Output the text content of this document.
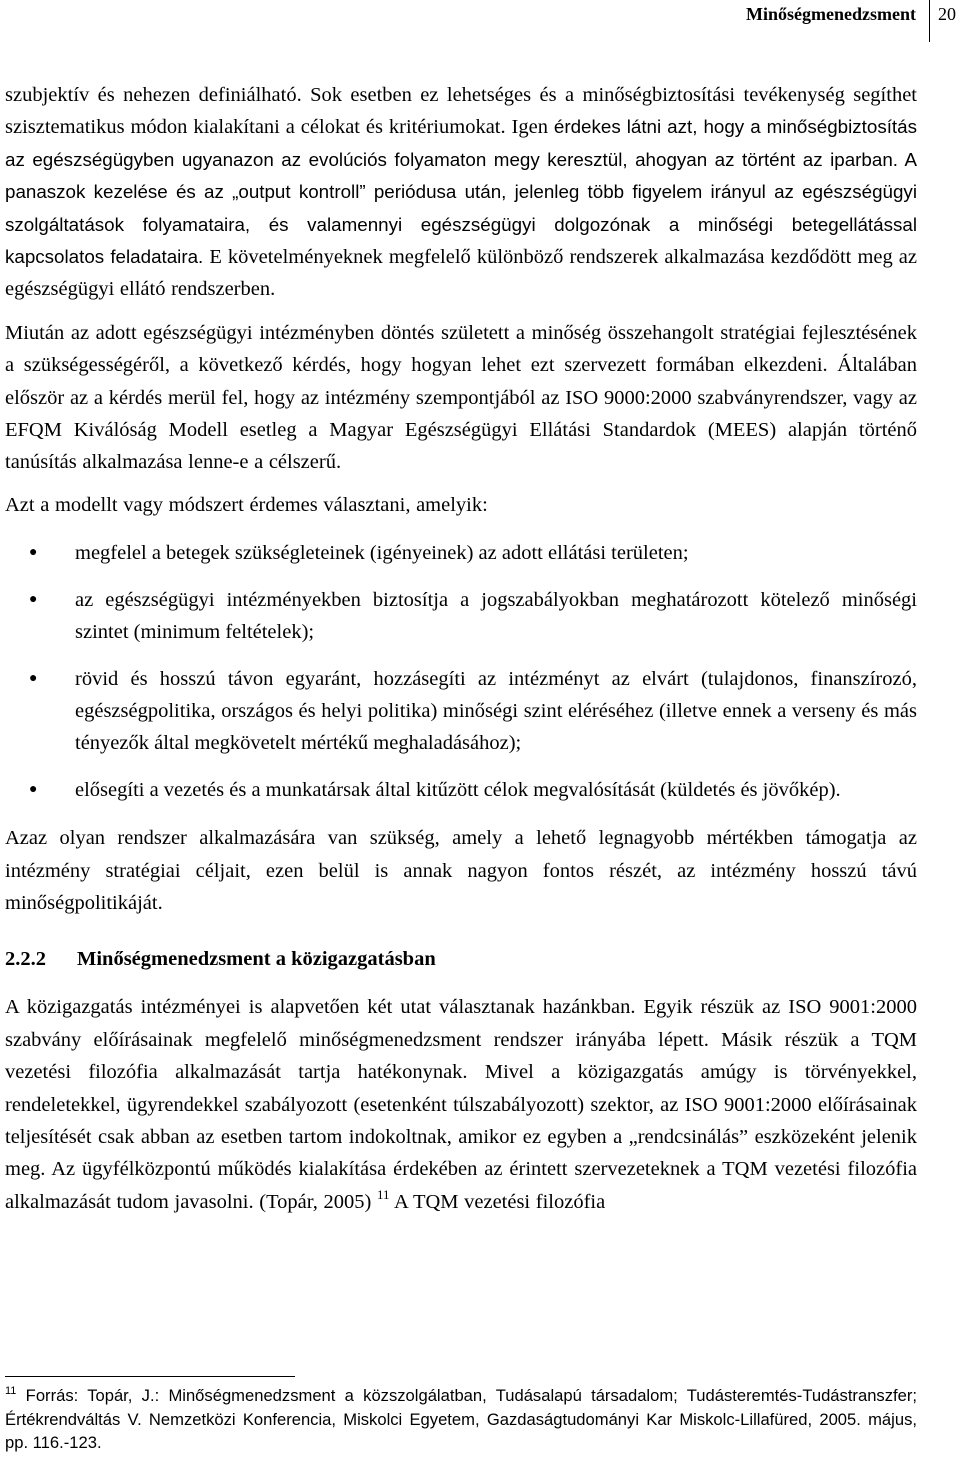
Minőségmenedzsment 20

szubjektív és nehezen definiálható. Sok esetben ez lehetséges és a minőségbiztosítási tevékenység segíthet szisztematikus módon kialakítani a célokat és kritériumokat. Igen érdekes látni azt, hogy a minőségbiztosítás az egészségügyben ugyanazon az evolúciós folyamaton megy keresztül, ahogyan az történt az iparban. A panaszok kezelése és az „output kontroll” periódusa után, jelenleg több figyelem irányul az egészségügyi szolgáltatások folyamataira, és valamennyi egészségügyi dolgozónak a minőségi betegellátással kapcsolatos feladataira. E követelményeknek megfelelő különböző rendszerek alkalmazása kezdődött meg az egészségügyi ellátó rendszerben.

Miután az adott egészségügyi intézményben döntés született a minőség összehangolt stratégiai fejlesztésének a szükségességéről, a következő kérdés, hogy hogyan lehet ezt szervezett formában elkezdeni. Általában először az a kérdés merül fel, hogy az intézmény szempontjából az ISO 9000:2000 szabványrendszer, vagy az EFQM Kiválóság Modell esetleg a Magyar Egészségügyi Ellátási Standardok (MEES) alapján történő tanúsítás alkalmazása lenne-e a célszerű.

Azt a modellt vagy módszert érdemes választani, amelyik:

● megfelel a betegek szükségleteinek (igényeinek) az adott ellátási területen;
● az egészségügyi intézményekben biztosítja a jogszabályokban meghatározott kötelező minőségi szintet (minimum feltételek);
● rövid és hosszú távon egyaránt, hozzásegíti az intézményt az elvárt (tulajdonos, finanszírozó, egészségpolitika, országos és helyi politika) minőségi szint eléréséhez (illetve ennek a verseny és más tényezők által megkövetelt mértékű meghaladásához);
● elősegíti a vezetés és a munkatársak által kitűzött célok megvalósítását (küldetés és jövőkép).

Azaz olyan rendszer alkalmazására van szükség, amely a lehető legnagyobb mértékben támogatja az intézmény stratégiai céljait, ezen belül is annak nagyon fontos részét, az intézmény hosszú távú minőségpolitikáját.

2.2.2 Minőségmenedzsment a közigazgatásban

A közigazgatás intézményei is alapvetően két utat választanak hazánkban. Egyik részük az ISO 9001:2000 szabvány előírásainak megfelelő minőségmenedzsment rendszer irányába lépett. Másik részük a TQM vezetési filozófia alkalmazását tartja hatékonynak. Mivel a közigazgatás amúgy is törvényekkel, rendeletekkel, ügyrendekkel szabályozott (esetenként túlszabályozott) szektor, az ISO 9001:2000 előírásainak teljesítését csak abban az esetben tartom indokoltnak, amikor ez egyben a „rendcsinálás” eszközeként jelenik meg. Az ügyfélközpontú működés kialakítása érdekében az érintett szervezeteknek a TQM vezetési filozófia alkalmazását tudom javasolni. (Topár, 2005) $^{11}$ A TQM vezetési filozófia

$^{11}$ Forrás: Topár, J.: Minőségmenedzsment a közszolgálatban, Tudásalapú társadalom; Tudásteremtés-Tudástranszfer; Értékrendváltás V. Nemzetközi Konferencia, Miskolci Egyetem, Gazdaságtudományi Kar Miskolc-Lillafüred, 2005. május, pp. 116.-123.
